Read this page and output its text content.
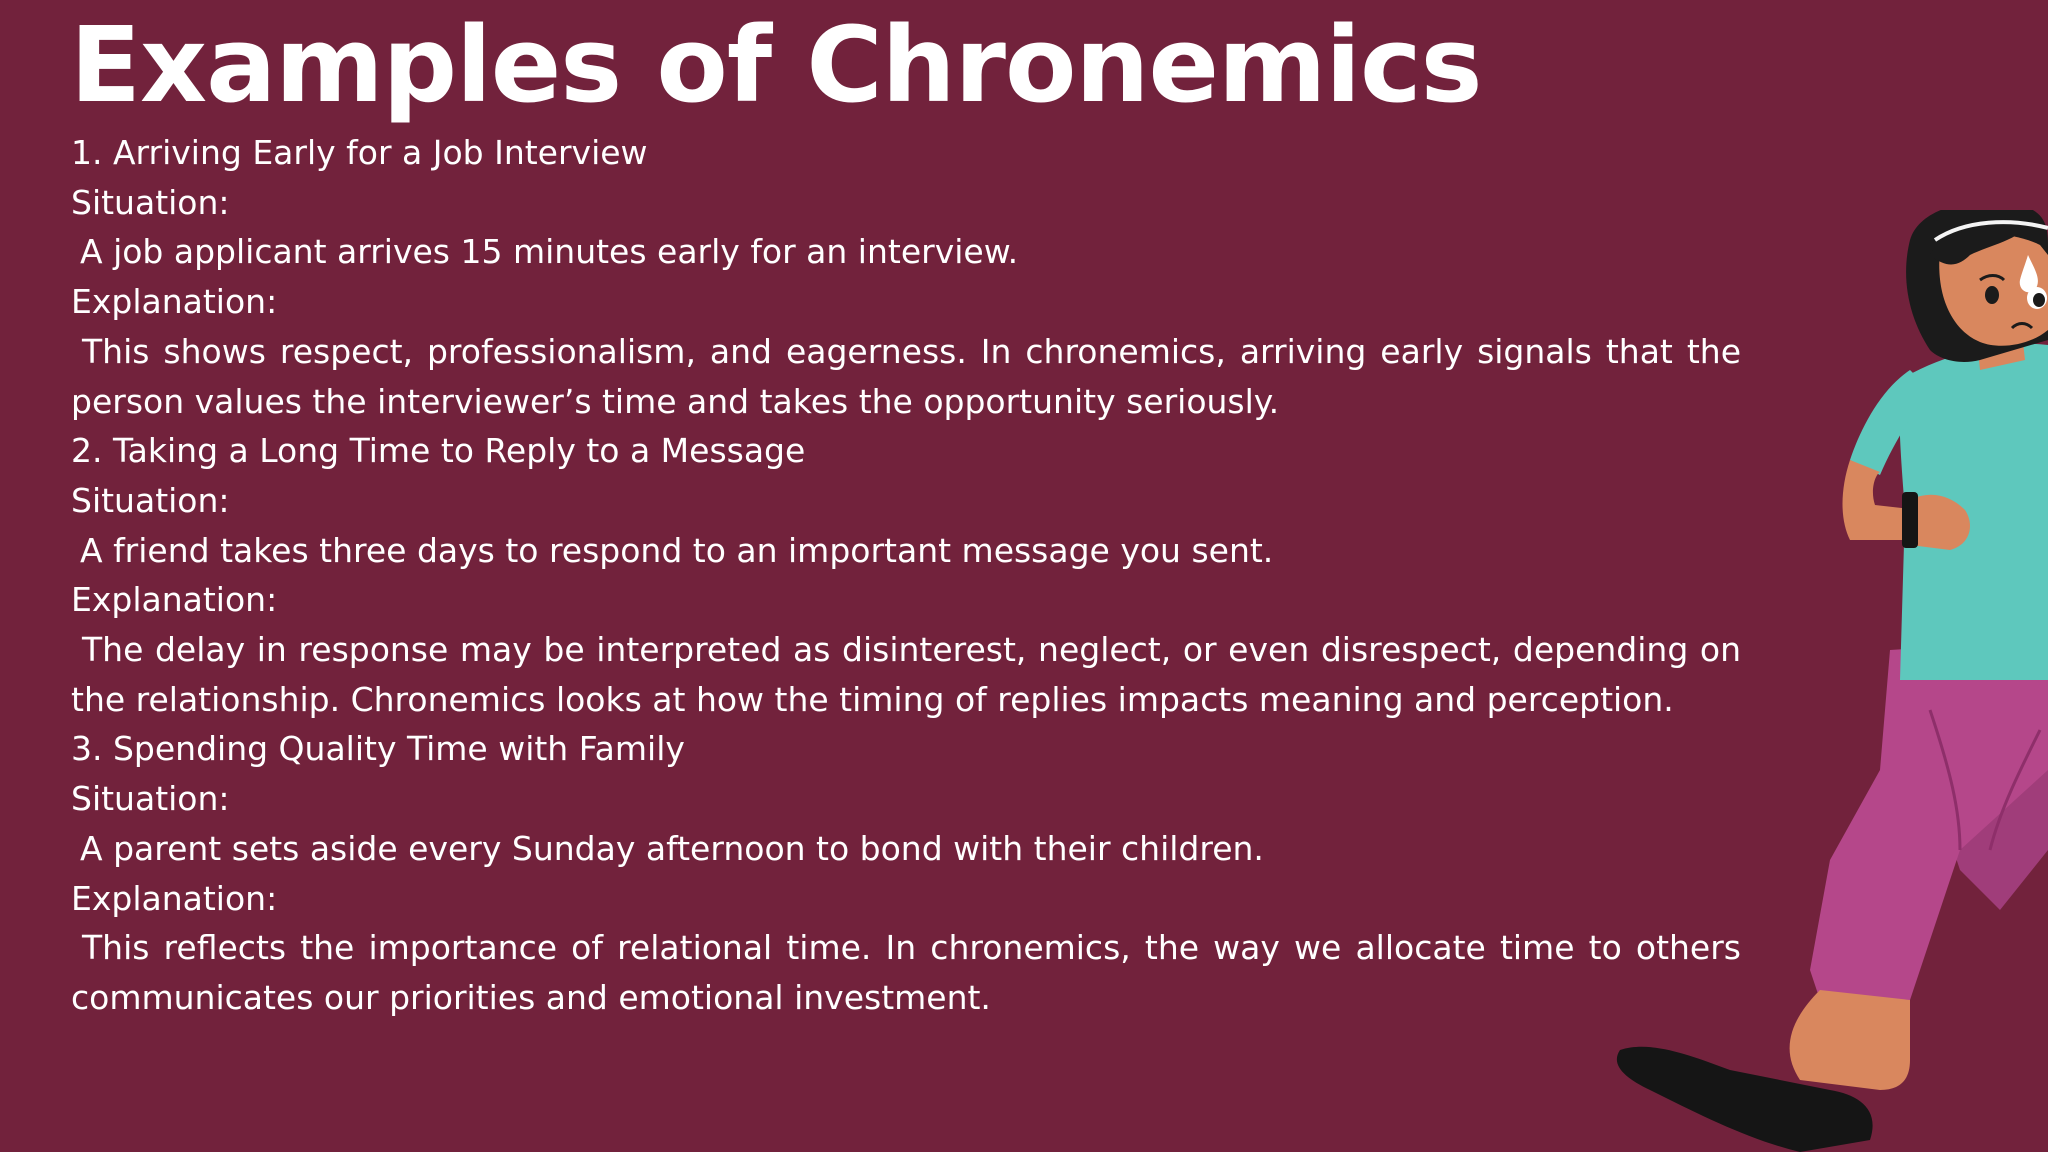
Examples of Chronemics

1. Arriving Early for a Job Interview

Situation:

A job applicant arrives 15 minutes early for an interview.

Explanation:

This shows respect, professionalism, and eagerness. In chronemics, arriving early signals that the person values the interviewer’s time and takes the opportunity seriously.

2. Taking a Long Time to Reply to a Message

Situation:

A friend takes three days to respond to an important message you sent.

Explanation:

The delay in response may be interpreted as disinterest, neglect, or even disrespect, depending on the relationship. Chronemics looks at how the timing of replies impacts meaning and perception.

3. Spending Quality Time with Family

Situation:

A parent sets aside every Sunday afternoon to bond with their children.

Explanation:

This reflects the importance of relational time. In chronemics, the way we allocate time to others communicates our priorities and emotional investment.
